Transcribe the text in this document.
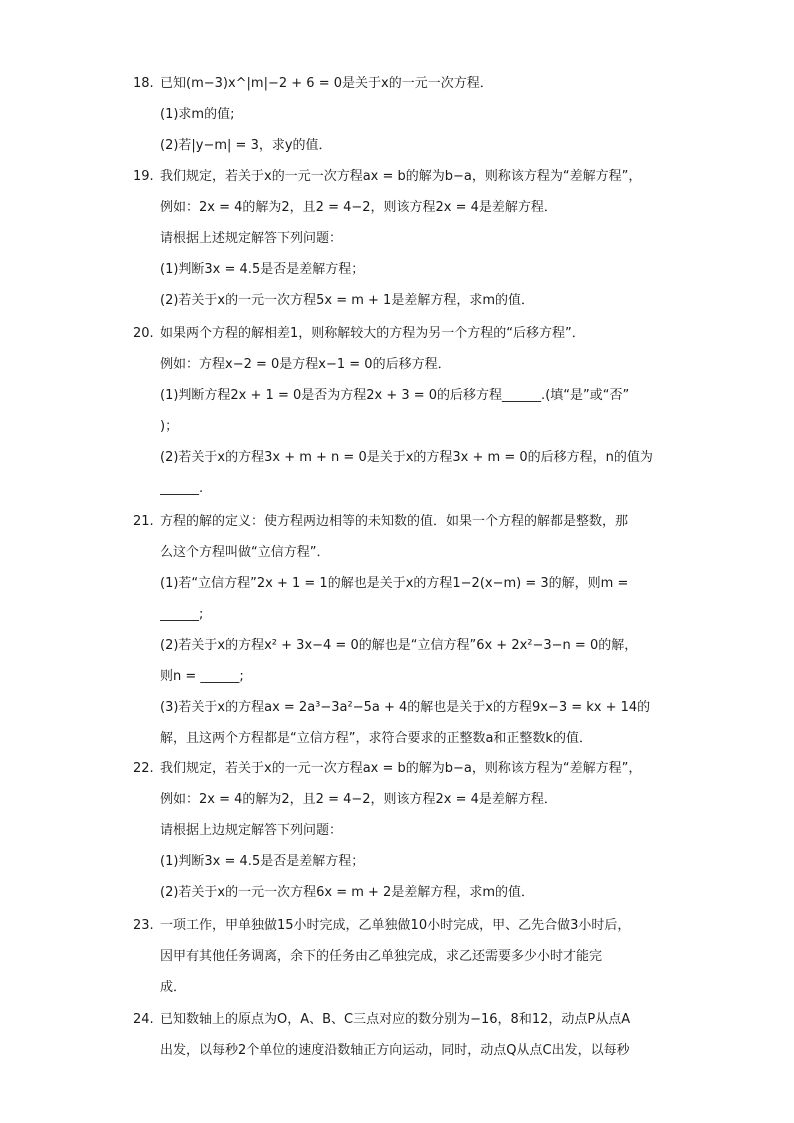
18. 已知(m−3)x^|m|−2 + 6 = 0是关于x的一元一次方程．
(1)求m的值;
(2)若|y−m| = 3，求y的值．
19. 我们规定，若关于x的一元一次方程ax = b的解为b−a，则称该方程为“差解方程”，
例如：2x = 4的解为2，且2 = 4−2，则该方程2x = 4是差解方程．
请根据上述规定解答下列问题：
(1)判断3x = 4.5是否是差解方程；
(2)若关于x的一元一次方程5x = m + 1是差解方程，求m的值．
20. 如果两个方程的解相差1，则称解较大的方程为另一个方程的“后移方程”．
例如：方程x−2 = 0是方程x−1 = 0的后移方程．
(1)判断方程2x + 1 = 0是否为方程2x + 3 = 0的后移方程______.(填“是”或“否”
)；
(2)若关于x的方程3x + m + n = 0是关于x的方程3x + m = 0的后移方程，n的值为
______.
21. 方程的解的定义：使方程两边相等的未知数的值．如果一个方程的解都是整数，那
么这个方程叫做“立信方程”．
(1)若“立信方程”2x + 1 = 1的解也是关于x的方程1−2(x−m) = 3的解，则m =
______;
(2)若关于x的方程x² + 3x−4 = 0的解也是“立信方程”6x + 2x²−3−n = 0的解，
则n = ______;
(3)若关于x的方程ax = 2a³−3a²−5a + 4的解也是关于x的方程9x−3 = kx + 14的
解，且这两个方程都是“立信方程”，求符合要求的正整数a和正整数k的值．
22. 我们规定，若关于x的一元一次方程ax = b的解为b−a，则称该方程为“差解方程”，
例如：2x = 4的解为2，且2 = 4−2，则该方程2x = 4是差解方程．
请根据上边规定解答下列问题：
(1)判断3x = 4.5是否是差解方程；
(2)若关于x的一元一次方程6x = m + 2是差解方程，求m的值．
23. 一项工作，甲单独做15小时完成，乙单独做10小时完成，甲、乙先合做3小时后，
因甲有其他任务调离，余下的任务由乙单独完成，求乙还需要多少小时才能完
成．
24. 已知数轴上的原点为O，A、B、C三点对应的数分别为−16，8和12，动点P从点A
出发，以每秒2个单位的速度沿数轴正方向运动，同时，动点Q从点C出发，以每秒
